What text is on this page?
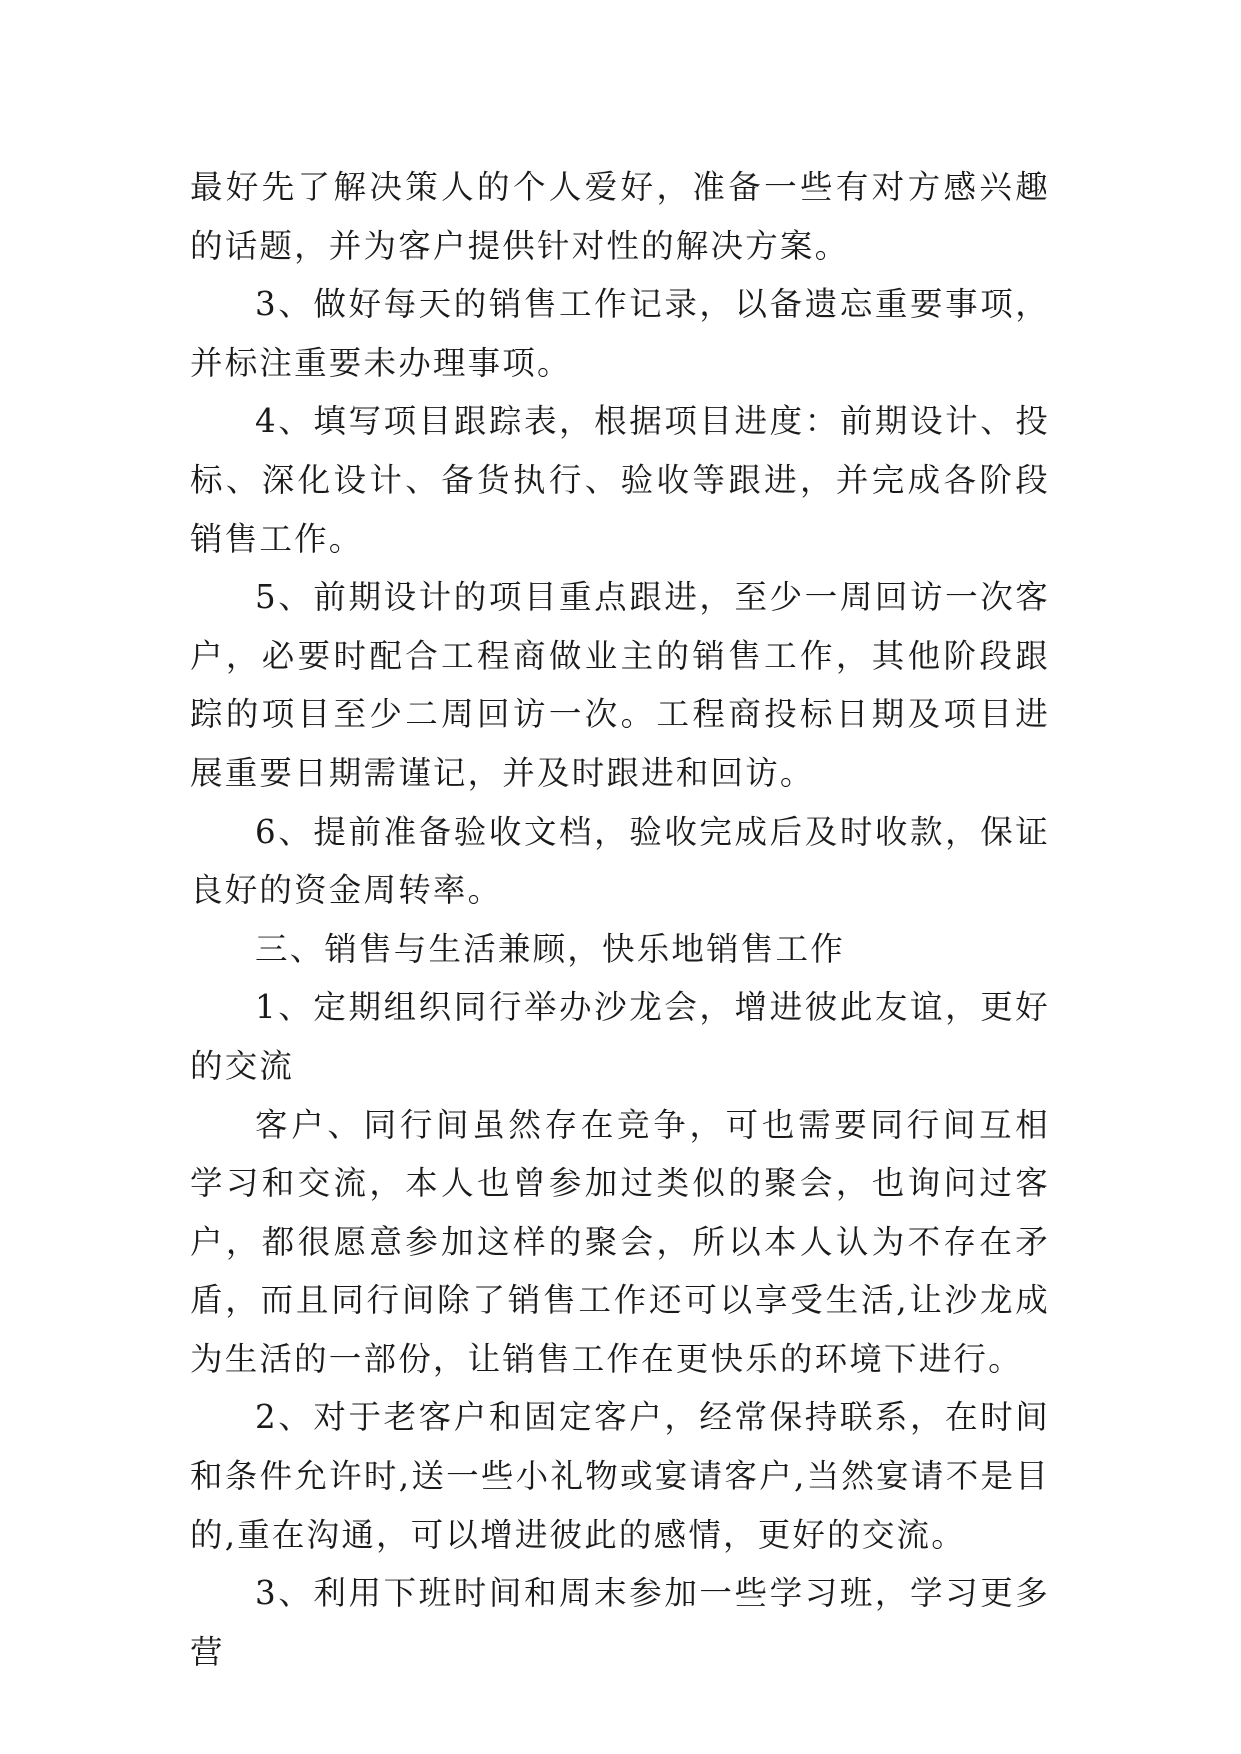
最好先了解决策人的个人爱好，准备一些有对方感兴趣的话题，并为客户提供针对性的解决方案。

3、做好每天的销售工作记录，以备遗忘重要事项，并标注重要未办理事项。

4、填写项目跟踪表，根据项目进度：前期设计、投标、深化设计、备货执行、验收等跟进，并完成各阶段销售工作。

5、前期设计的项目重点跟进，至少一周回访一次客户，必要时配合工程商做业主的销售工作，其他阶段跟踪的项目至少二周回访一次。工程商投标日期及项目进展重要日期需谨记，并及时跟进和回访。

6、提前准备验收文档，验收完成后及时收款，保证良好的资金周转率。

三、销售与生活兼顾，快乐地销售工作

1、定期组织同行举办沙龙会，增进彼此友谊，更好的交流

客户、同行间虽然存在竞争，可也需要同行间互相学习和交流，本人也曾参加过类似的聚会，也询问过客户，都很愿意参加这样的聚会，所以本人认为不存在矛盾，而且同行间除了销售工作还可以享受生活,让沙龙成为生活的一部份，让销售工作在更快乐的环境下进行。

2、对于老客户和固定客户，经常保持联系，在时间和条件允许时,送一些小礼物或宴请客户,当然宴请不是目的,重在沟通，可以增进彼此的感情，更好的交流。

3、利用下班时间和周末参加一些学习班，学习更多营
